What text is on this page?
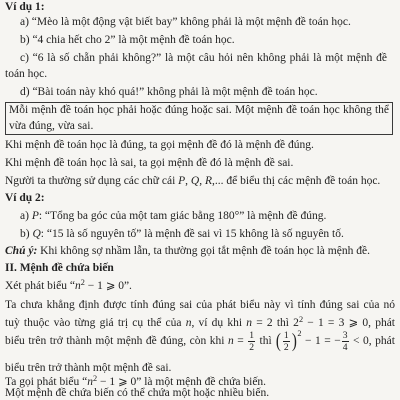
Ví dụ 1:
a) “Mèo là một động vật biết bay” không phải là một mệnh đề toán học.
b) “4 chia hết cho 2” là một mệnh đề toán học.
c) “6 là số chẵn phải không?” là một câu hỏi nên không phải là một mệnh đề toán học.
d) “Bài toán này khó quá!” không phải là một mệnh đề toán học.
Mỗi mệnh đề toán học phải hoặc đúng hoặc sai. Một mệnh đề toán học không thể vừa đúng, vừa sai.
Khi mệnh đề toán học là đúng, ta gọi mệnh đề đó là mệnh đề đúng.
Khi mệnh đề toán học là sai, ta gọi mệnh đề đó là mệnh đề sai.
Người ta thường sử dụng các chữ cái P, Q, R,... để biểu thị các mệnh đề toán học.
Ví dụ 2:
a) P: “Tổng ba góc của một tam giác bằng 180°” là mệnh đề đúng.
b) Q: “15 là số nguyên tố” là mệnh đề sai vì 15 không là số nguyên tố.
Chú ý: Khi không sợ nhầm lẫn, ta thường gọi tắt mệnh đề toán học là mệnh đề.
II. Mệnh đề chứa biến
Xét phát biểu “$n^2 - 1$ ⩾ 0”.
Ta chưa khẳng định được tính đúng sai của phát biểu này vì tính đúng sai của nó
tuỳ thuộc vào từng giá trị cụ thể của n, ví dụ khi n = 2 thì $2^2 - 1 = 3$ ⩾ 0, phát
biểu trên trở thành một mệnh đề đúng, còn khi $n = \frac{1}{2}$ thì ( $\frac{1}{2} )^2 - 1$ = − $\frac{3}{4} < 0$, phát
biểu trên trở thành một mệnh đề sai.
Ta gọi phát biểu “$n^2 - 1$ ⩾ 0” là một mệnh đề chứa biến.
Một mệnh đề chứa biến có thể chứa một hoặc nhiều biến.
